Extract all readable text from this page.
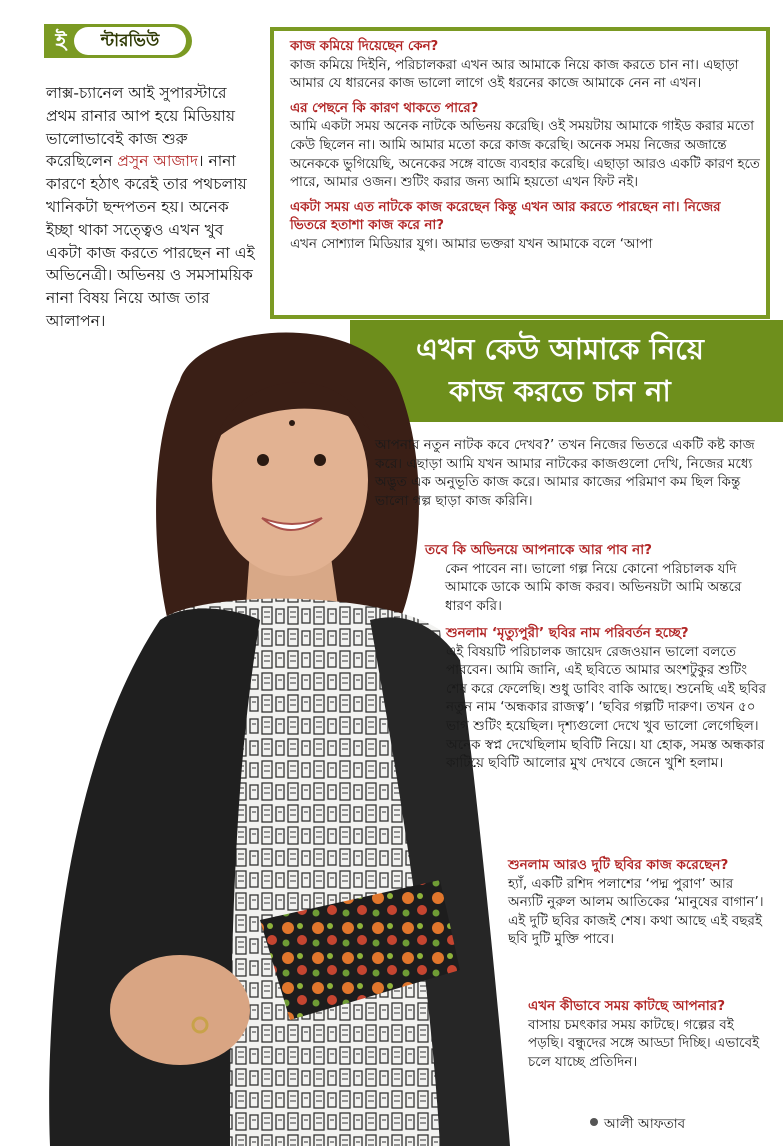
ই	ন্টারভিউ
লাক্স-চ্যানেল আই সুপারস্টারে প্রথম রানার আপ হয়ে মিডিয়ায় ভালোভাবেই কাজ শুরু করেছিলেন প্রসুন আজাদ। নানা কারণে হঠাৎ করেই তার পথচলায় খানিকটা ছন্দপতন হয়। অনেক ইচ্ছা থাকা সত্ত্বেও এখন খুব একটা কাজ করতে পারছেন না এই অভিনেত্রী। অভিনয় ও সমসাময়িক নানা বিষয় নিয়ে আজ তার আলাপন।
কাজ কমিয়ে দিয়েছেন কেন?
কাজ কমিয়ে দিইনি, পরিচালকরা এখন আর আমাকে নিয়ে কাজ করতে চান না। এছাড়া আমার যে ধারনের কাজ ভালো লাগে ওই ধরনের কাজে আমাকে নেন না এখন।
এর পেছনে কি কারণ থাকতে পারে?
আমি একটা সময় অনেক নাটকে অভিনয় করেছি। ওই সময়টায় আমাকে গাইড করার মতো কেউ ছিলেন না। আমি আমার মতো করে কাজ করেছি। অনেক সময় নিজের অজান্তে অনেককে ভুগিয়েছি, অনেকের সঙ্গে বাজে ব্যবহার করেছি। এছাড়া আরও একটি কারণ হতে পারে, আমার ওজন। শুটিং করার জন্য আমি হয়তো এখন ফিট নই।
একটা সময় এত নাটকে কাজ করেছেন কিন্তু এখন আর করতে পারছেন না। নিজের ভিতরে হতাশা কাজ করে না?
এখন সোশ্যাল মিডিয়ার যুগ। আমার ভক্তরা যখন আমাকে বলে ‘আপা
এখন কেউ আমাকে নিয়ে
কাজ করতে চান না
আপনার নতুন নাটক কবে দেখব?’ তখন নিজের ভিতরে একটি কষ্ট কাজ করে। এছাড়া আমি যখন আমার নাটকের কাজগুলো দেখি, নিজের মধ্যে অদ্ভুত এক অনুভূতি কাজ করে। আমার কাজের পরিমাণ কম ছিল কিন্তু ভালো গল্প ছাড়া কাজ করিনি।
তবে কি অভিনয়ে আপনাকে আর পাব না?
কেন পাবেন না। ভালো গল্প নিয়ে কোনো পরিচালক যদি আমাকে ডাকে আমি কাজ করব। অভিনয়টা আমি অন্তরে ধারণ করি।
শুনলাম ‘মৃত্যুপুরী’ ছবির নাম পরিবর্তন হচ্ছে?
এই বিষয়টি পরিচালক জায়েদ রেজওয়ান ভালো বলতে পারবেন। আমি জানি, এই ছবিতে আমার অংশটুকুর শুটিং শেষ করে ফেলেছি। শুধু ডাবিং বাকি আছে। শুনেছি এই ছবির নতুন নাম ‘অন্ধকার রাজত্ব’। ‘ছবির গল্পটি দারুণ। তখন ৫০ ভাগ শুটিং হয়েছিল। দৃশ্যগুলো দেখে খুব ভালো লেগেছিল। অনেক স্বপ্ন দেখেছিলাম ছবিটি নিয়ে। যা হোক, সমস্ত অন্ধকার কাটিয়ে ছবিটি আলোর মুখ দেখবে জেনে খুশি হলাম।
শুনলাম আরও দুটি ছবির কাজ করেছেন?
হ্যাঁ, একটি রশিদ পলাশের ‘পদ্ম পুরাণ’ আর অন্যটি নুরুল আলম আতিকের ‘মানুষের বাগান’। এই দুটি ছবির কাজই শেষ। কথা আছে এই বছরই ছবি দুটি মুক্তি পাবে।
এখন কীভাবে সময় কাটছে আপনার?
বাসায় চমৎকার সময় কাটছে। গল্পের বই পড়ছি। বন্ধুদের সঙ্গে আড্ডা দিচ্ছি। এভাবেই চলে যাচ্ছে প্রতিদিন।
আলী আফতাব
